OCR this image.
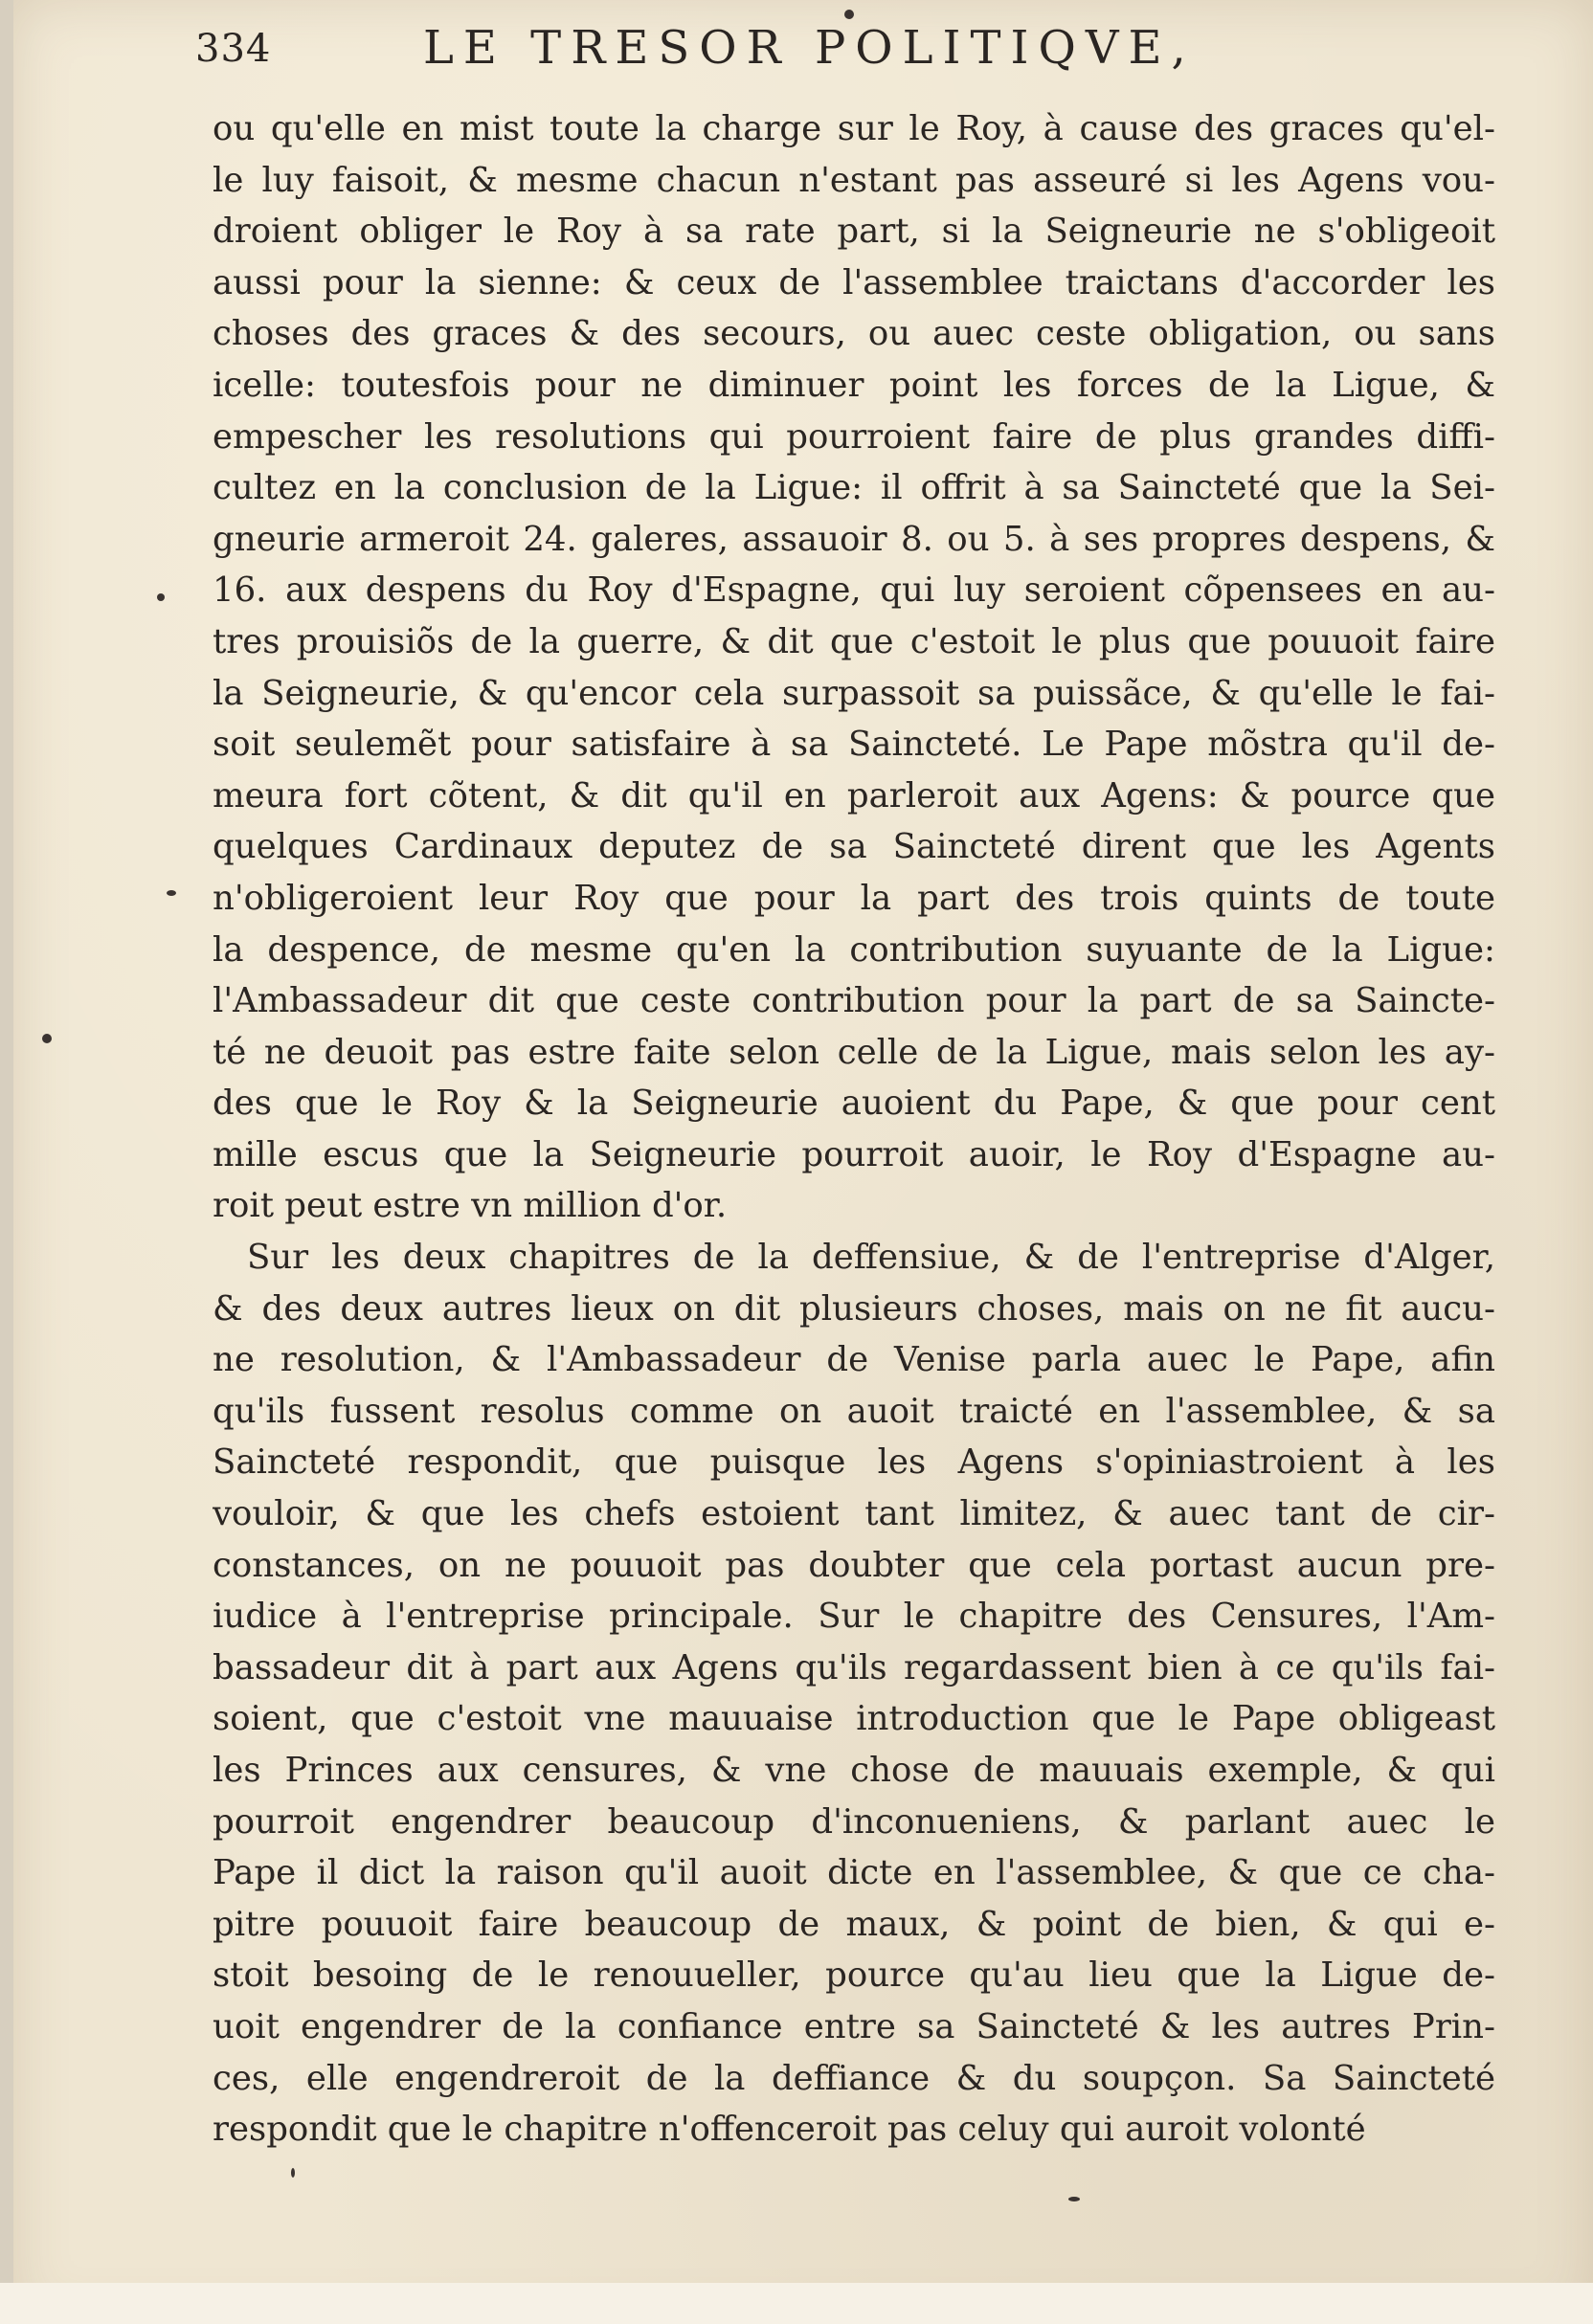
334	LE TRESOR POLITIQVE,
ou qu'elle en mist toute la charge sur le Roy, à cause des graces qu'el-
le luy faisoit, & mesme chacun n'estant pas asseuré si les Agens vou-
droient obliger le Roy à sa rate part, si la Seigneurie ne s'obligeoit
aussi pour la sienne: & ceux de l'assemblee traictans d'accorder les
choses des graces & des secours, ou auec ceste obligation, ou sans
icelle: toutesfois pour ne diminuer point les forces de la Ligue, &
empescher les resolutions qui pourroient faire de plus grandes diffi-
cultez en la conclusion de la Ligue: il offrit à sa Saincteté que la Sei-
gneurie armeroit 24. galeres, assauoir 8. ou 5. à ses propres despens, &
16. aux despens du Roy d'Espagne, qui luy seroient cõpensees en au-
tres prouisiõs de la guerre, & dit que c'estoit le plus que pouuoit faire
la Seigneurie, & qu'encor cela surpassoit sa puissãce, & qu'elle le fai-
soit seulemẽt pour satisfaire à sa Saincteté. Le Pape mõstra qu'il de-
meura fort cõtent, & dit qu'il en parleroit aux Agens: & pource que
quelques Cardinaux deputez de sa Saincteté dirent que les Agents
n'obligeroient leur Roy que pour la part des trois quints de toute
la despence, de mesme qu'en la contribution suyuante de la Ligue:
l'Ambassadeur dit que ceste contribution pour la part de sa Saincte-
té ne deuoit pas estre faite selon celle de la Ligue, mais selon les ay-
des que le Roy & la Seigneurie auoient du Pape, & que pour cent
mille escus que la Seigneurie pourroit auoir, le Roy d'Espagne au-
roit peut estre vn million d'or.
Sur les deux chapitres de la deffensiue, & de l'entreprise d'Alger,
& des deux autres lieux on dit plusieurs choses, mais on ne fit aucu-
ne resolution, & l'Ambassadeur de Venise parla auec le Pape, afin
qu'ils fussent resolus comme on auoit traicté en l'assemblee, & sa
Saincteté respondit, que puisque les Agens s'opiniastroient à les
vouloir, & que les chefs estoient tant limitez, & auec tant de cir-
constances, on ne pouuoit pas doubter que cela portast aucun pre-
iudice à l'entreprise principale. Sur le chapitre des Censures, l'Am-
bassadeur dit à part aux Agens qu'ils regardassent bien à ce qu'ils fai-
soient, que c'estoit vne mauuaise introduction que le Pape obligeast
les Princes aux censures, & vne chose de mauuais exemple, & qui
pourroit engendrer beaucoup d'inconueniens, & parlant auec le
Pape il dict la raison qu'il auoit dicte en l'assemblee, & que ce cha-
pitre pouuoit faire beaucoup de maux, & point de bien, & qui e-
stoit besoing de le renouueller, pource qu'au lieu que la Ligue de-
uoit engendrer de la confiance entre sa Saincteté & les autres Prin-
ces, elle engendreroit de la deffiance & du soupçon. Sa Saincteté
respondit que le chapitre n'offenceroit pas celuy qui auroit volonté
